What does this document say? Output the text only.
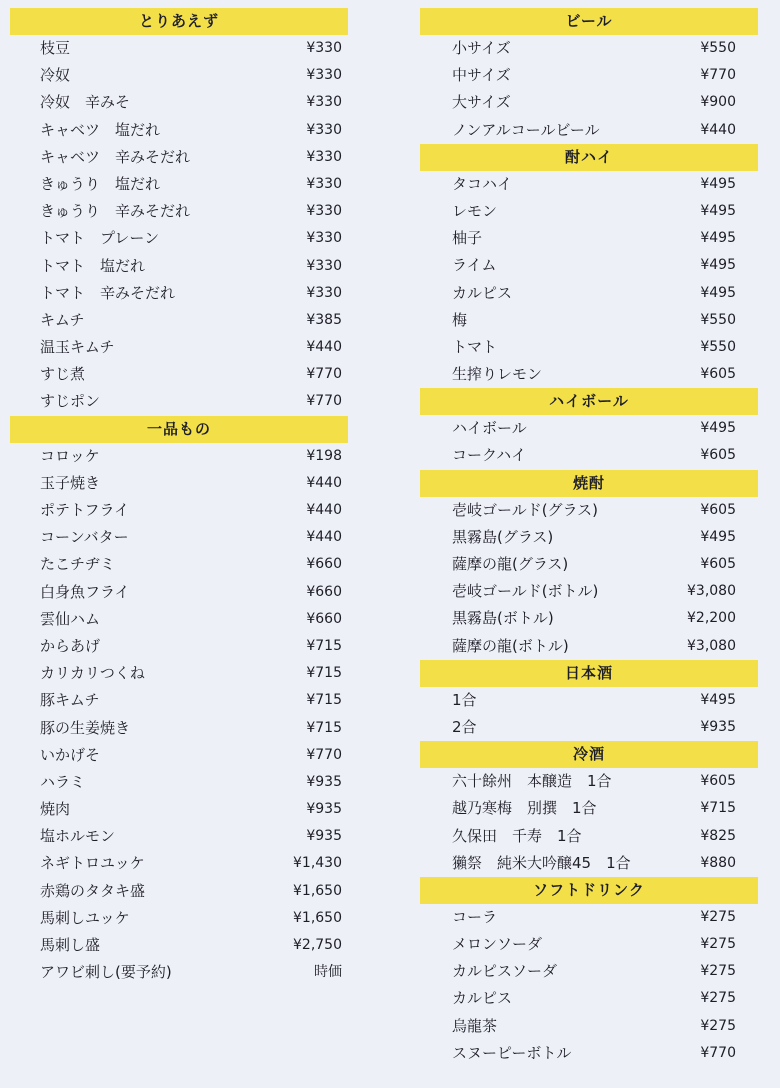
とりあえず
枝豆	¥330
冷奴	¥330
冷奴　辛みそ	¥330
キャベツ　塩だれ	¥330
キャベツ　辛みそだれ	¥330
きゅうり　塩だれ	¥330
きゅうり　辛みそだれ	¥330
トマト　プレーン	¥330
トマト　塩だれ	¥330
トマト　辛みそだれ	¥330
キムチ	¥385
温玉キムチ	¥440
すじ煮	¥770
すじポン	¥770
一品もの
コロッケ	¥198
玉子焼き	¥440
ポテトフライ	¥440
コーンバター	¥440
たこチヂミ	¥660
白身魚フライ	¥660
雲仙ハム	¥660
からあげ	¥715
カリカリつくね	¥715
豚キムチ	¥715
豚の生姜焼き	¥715
いかげそ	¥770
ハラミ	¥935
焼肉	¥935
塩ホルモン	¥935
ネギトロユッケ	¥1,430
赤鶏のタタキ盛	¥1,650
馬刺しユッケ	¥1,650
馬刺し盛	¥2,750
アワビ刺し(要予約)	時価
ビール
小サイズ	¥550
中サイズ	¥770
大サイズ	¥900
ノンアルコールビール	¥440
酎ハイ
タコハイ	¥495
レモン	¥495
柚子	¥495
ライム	¥495
カルピス	¥495
梅	¥550
トマト	¥550
生搾りレモン	¥605
ハイボール
ハイボール	¥495
コークハイ	¥605
焼酎
壱岐ゴールド(グラス)	¥605
黒霧島(グラス)	¥495
薩摩の龍(グラス)	¥605
壱岐ゴールド(ボトル)	¥3,080
黒霧島(ボトル)	¥2,200
薩摩の龍(ボトル)	¥3,080
日本酒
1合	¥495
2合	¥935
冷酒
六十餘州　本醸造　1合	¥605
越乃寒梅　別撰　1合	¥715
久保田　千寿　1合	¥825
獺祭　純米大吟醸45　1合	¥880
ソフトドリンク
コーラ	¥275
メロンソーダ	¥275
カルピスソーダ	¥275
カルピス	¥275
烏龍茶	¥275
スヌーピーボトル	¥770
